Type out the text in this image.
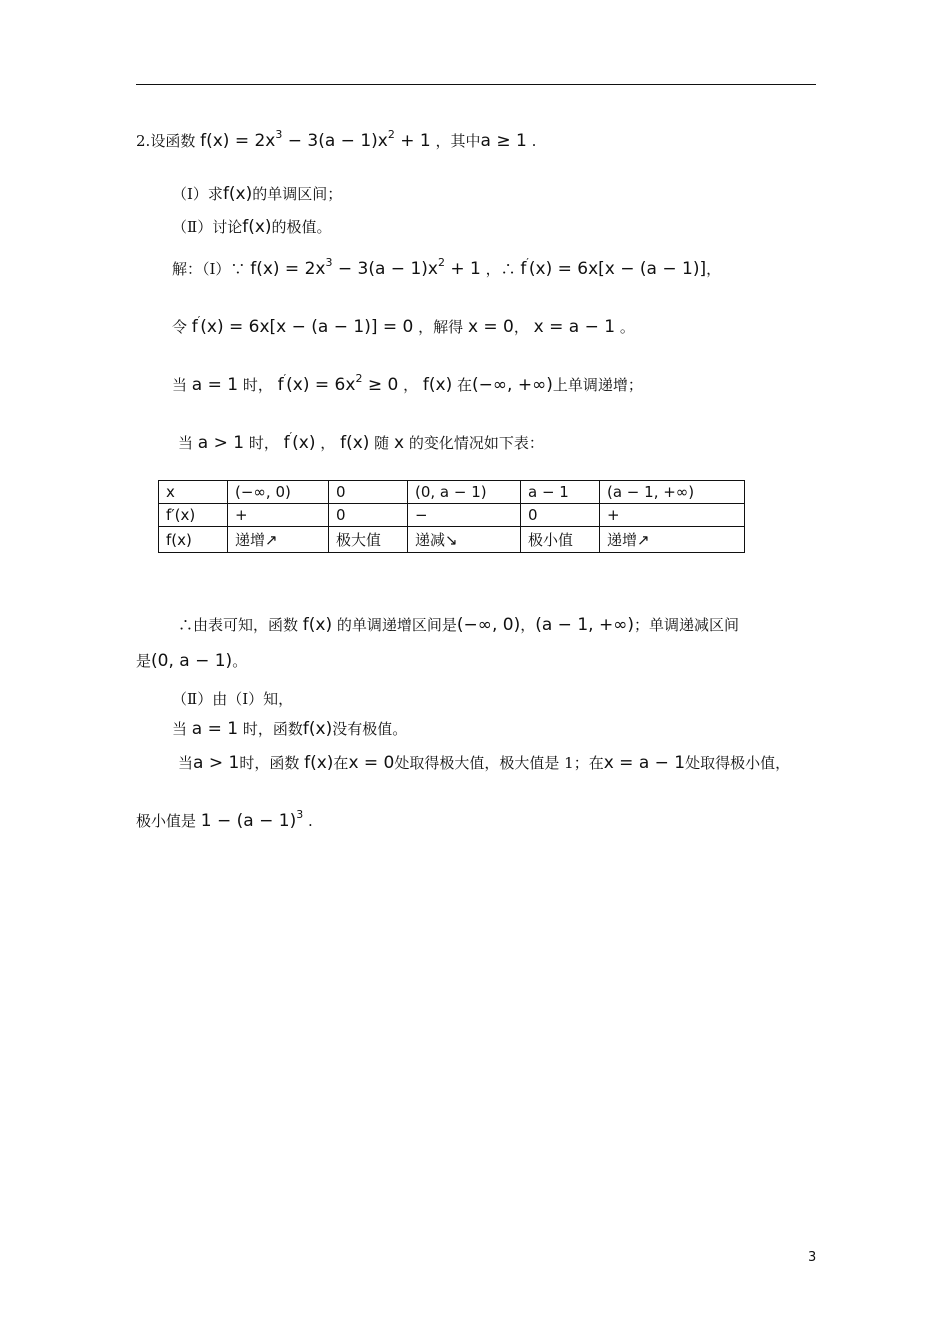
2.设函数 $f(x) = 2x^3 - 3(a - 1)x^2 + 1$ ，其中a ≥ 1 .
（Ⅰ）求f(x)的单调区间；
（Ⅱ）讨论f(x)的极值。
解：（Ⅰ）∵ $f(x) = 2x^3 - 3(a - 1)x^2 + 1$ ，∴ f′(x) = 6x[x − (a − 1)]，
令 f′(x) = 6x[x − (a − 1)] = 0 ，解得 x = 0， x = a − 1 。
当 a = 1 时， $f'(x) = 6x^2 \ge 0$ ， f(x) 在(−∞, +∞)上单调递增；
当 a > 1 时， f′(x) ， f(x) 随 x 的变化情况如下表：
x	(−∞, 0)	0	(0, a − 1)	a − 1	(a − 1, +∞)
f′(x)	+	0	−	0	+
f(x)	递增↗	极大值	递减↘	极小值	递增↗
∴由表可知，函数 f(x) 的单调递增区间是(−∞, 0)，(a − 1, +∞)；单调递减区间
是(0, a − 1)。
（Ⅱ）由（Ⅰ）知，
当 a = 1 时，函数f(x)没有极值。
当a > 1时，函数 f(x)在x = 0处取得极大值，极大值是 1；在x = a − 1处取得极小值，
极小值是 $1 - (a - 1)^3$ .
3
